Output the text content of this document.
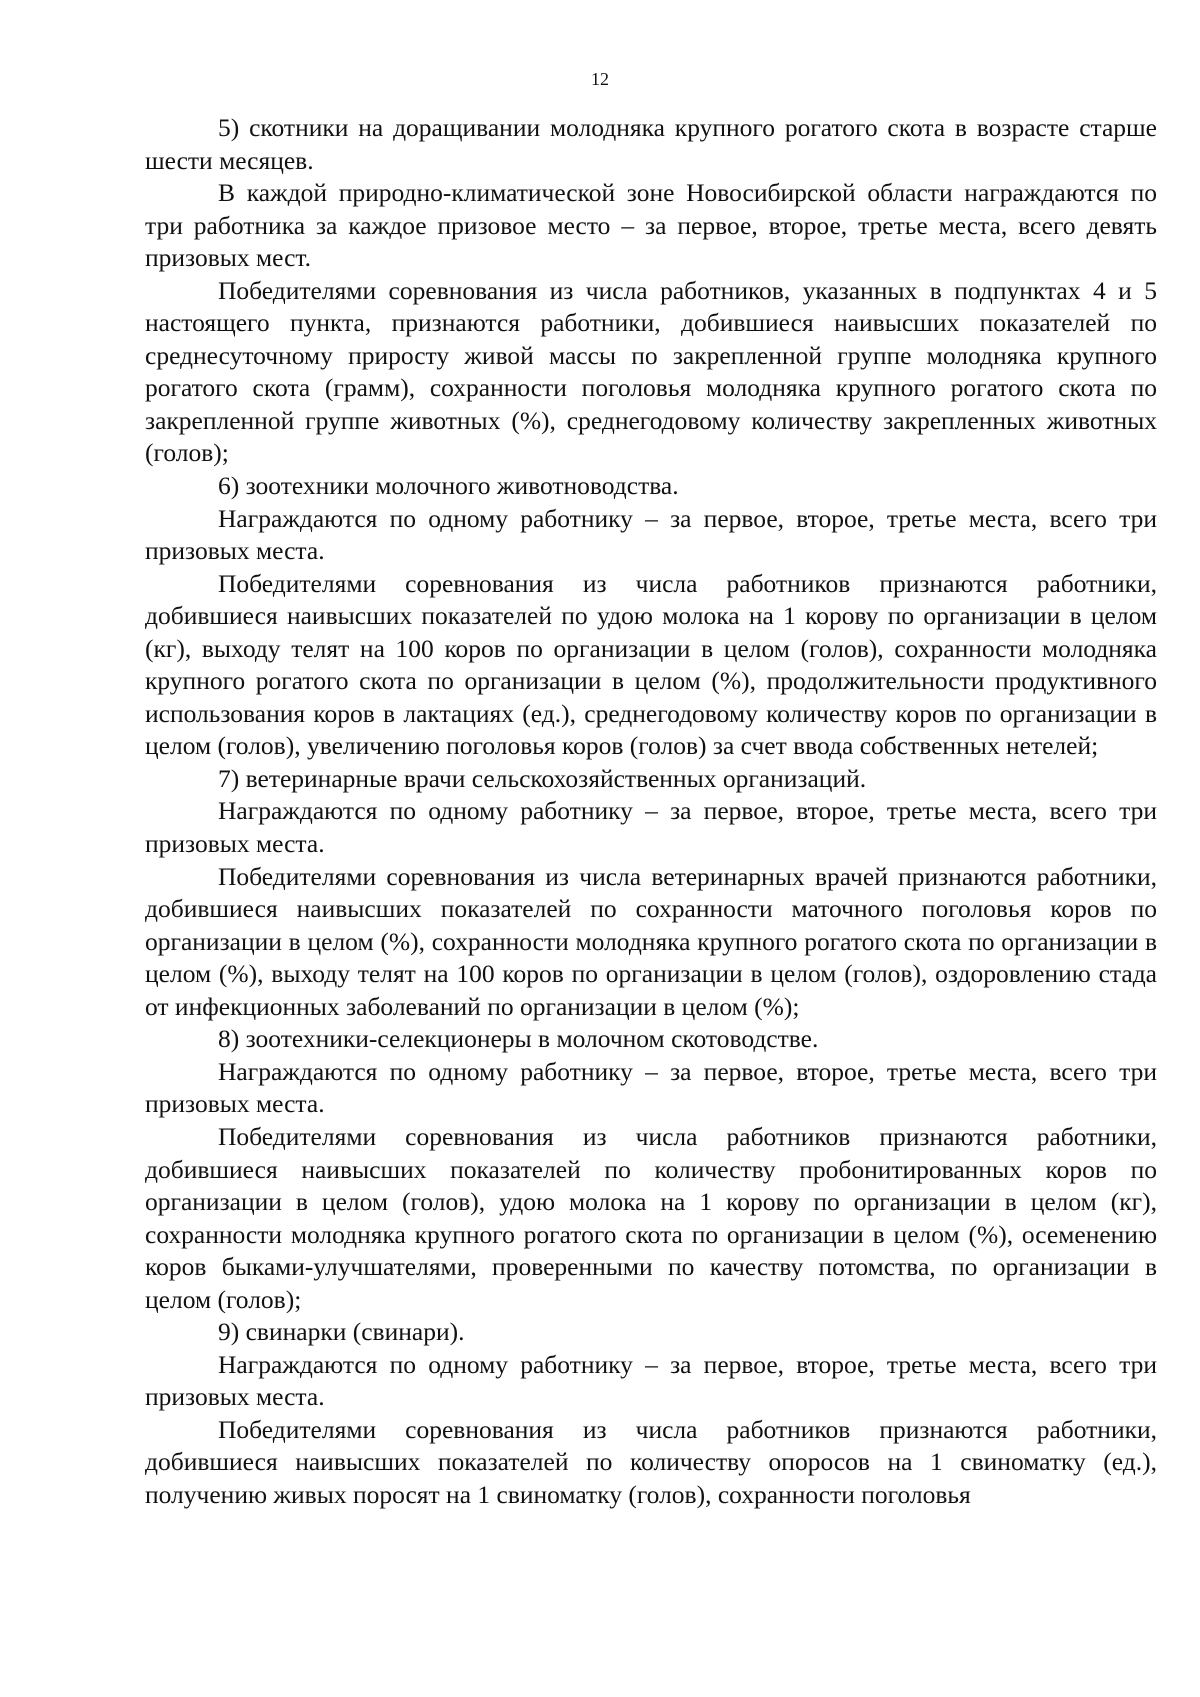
12

5) скотники на доращивании молодняка крупного рогатого скота в возрасте старше шести месяцев.

В каждой природно-климатической зоне Новосибирской области награждаются по три работника за каждое призовое место – за первое, второе, третье места, всего девять призовых мест.

Победителями соревнования из числа работников, указанных в подпунктах 4 и 5 настоящего пункта, признаются работники, добившиеся наивысших показателей по среднесуточному приросту живой массы по закрепленной группе молодняка крупного рогатого скота (грамм), сохранности поголовья молодняка крупного рогатого скота по закрепленной группе животных (%), среднегодовому количеству закрепленных животных (голов);

6) зоотехники молочного животноводства.

Награждаются по одному работнику – за первое, второе, третье места, всего три призовых места.

Победителями соревнования из числа работников признаются работники, добившиеся наивысших показателей по удою молока на 1 корову по организации в целом (кг), выходу телят на 100 коров по организации в целом (голов), сохранности молодняка крупного рогатого скота по организации в целом (%), продолжительности продуктивного использования коров в лактациях (ед.), среднегодовому количеству коров по организации в целом (голов), увеличению поголовья коров (голов) за счет ввода собственных нетелей;

7) ветеринарные врачи сельскохозяйственных организаций.

Награждаются по одному работнику – за первое, второе, третье места, всего три призовых места.

Победителями соревнования из числа ветеринарных врачей признаются работники, добившиеся наивысших показателей по сохранности маточного поголовья коров по организации в целом (%), сохранности молодняка крупного рогатого скота по организации в целом (%), выходу телят на 100 коров по организации в целом (голов), оздоровлению стада от инфекционных заболеваний по организации в целом (%);

8) зоотехники-селекционеры в молочном скотоводстве.

Награждаются по одному работнику – за первое, второе, третье места, всего три призовых места.

Победителями соревнования из числа работников признаются работники, добившиеся наивысших показателей по количеству пробонитированных коров по организации в целом (голов), удою молока на 1 корову по организации в целом (кг), сохранности молодняка крупного рогатого скота по организации в целом (%), осеменению коров быками-улучшателями, проверенными по качеству потомства, по организации в целом (голов);

9) свинарки (свинари).

Награждаются по одному работнику – за первое, второе, третье места, всего три призовых места.

Победителями соревнования из числа работников признаются работники, добившиеся наивысших показателей по количеству опоросов на 1 свиноматку (ед.), получению живых поросят на 1 свиноматку (голов), сохранности поголовья
